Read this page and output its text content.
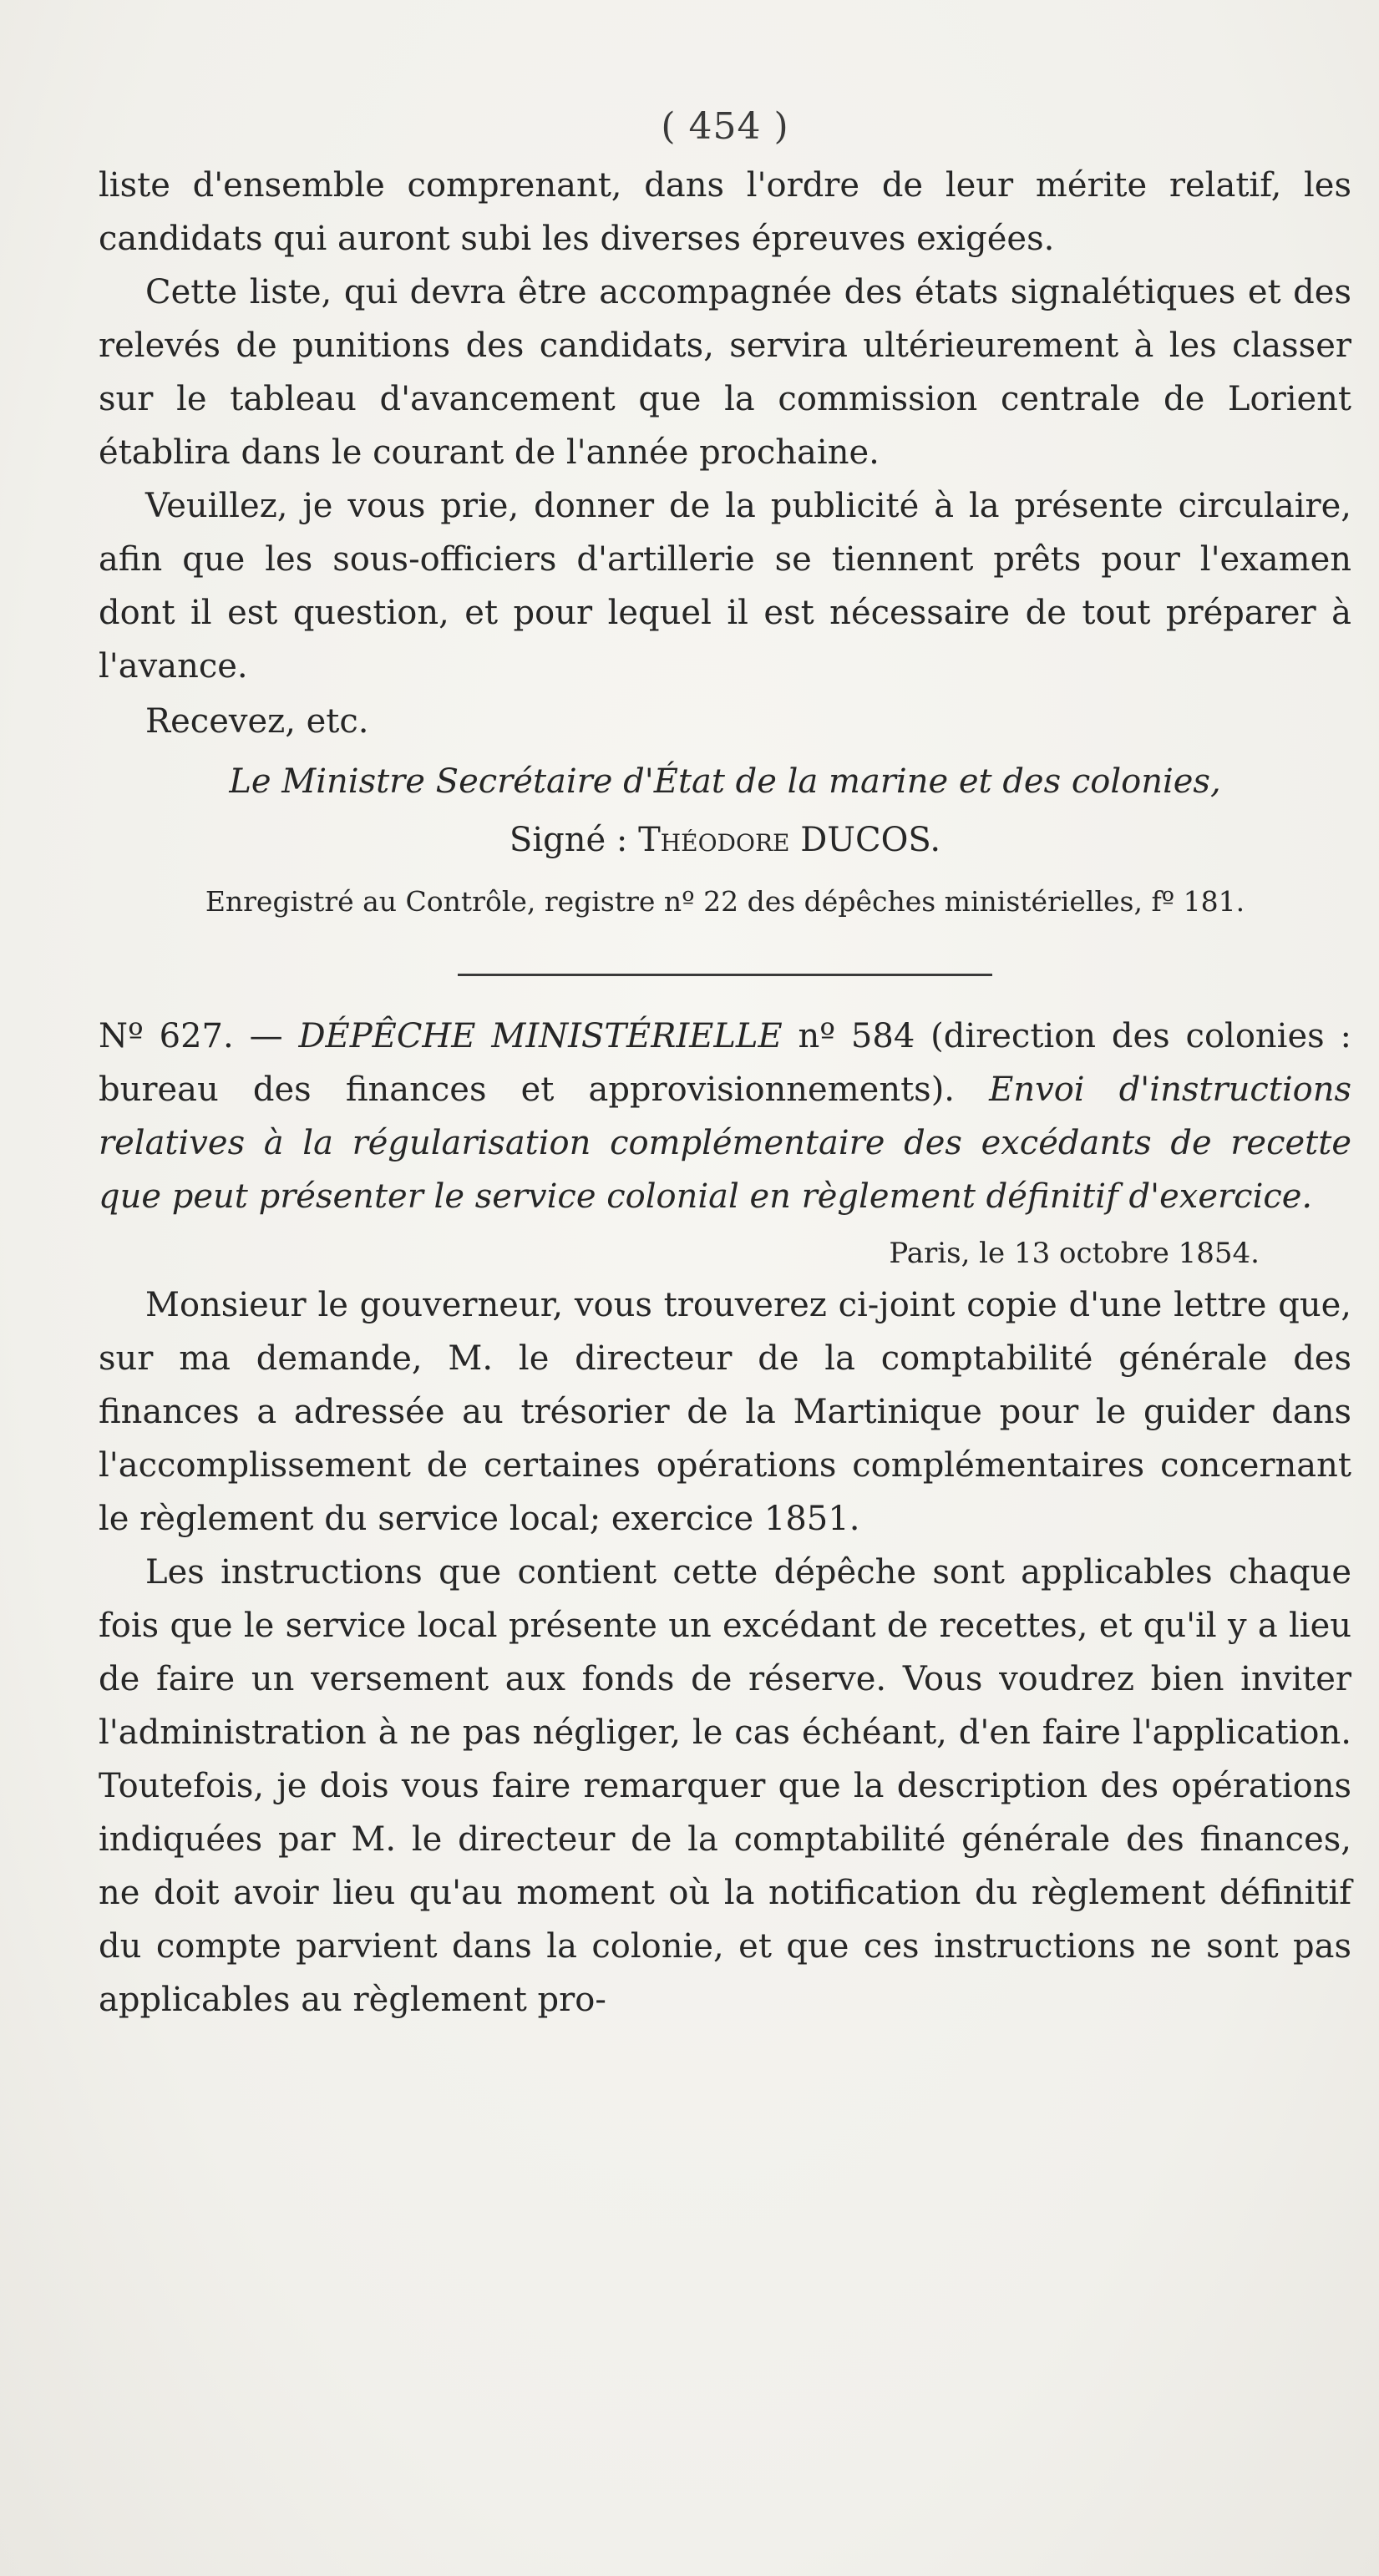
( 454 )

liste d'ensemble comprenant, dans l'ordre de leur mérite relatif, les candidats qui auront subi les diverses épreuves exigées.

Cette liste, qui devra être accompagnée des états signalétiques et des relevés de punitions des candidats, servira ultérieurement à les classer sur le tableau d'avancement que la commission centrale de Lorient établira dans le courant de l'année prochaine.

Veuillez, je vous prie, donner de la publicité à la présente circulaire, afin que les sous-officiers d'artillerie se tiennent prêts pour l'examen dont il est question, et pour lequel il est nécessaire de tout préparer à l'avance.

Recevez, etc.

Le Ministre Secrétaire d'État de la marine et des colonies,

Signé : Théodore DUCOS.

Enregistré au Contrôle, registre nº 22 des dépêches ministérielles, fº 181.

Nº 627. — DÉPÊCHE MINISTÉRIELLE nº 584 (direction des colonies : bureau des finances et approvisionnements). Envoi d'instructions relatives à la régularisation complémentaire des excédants de recette que peut présenter le service colonial en règlement définitif d'exercice.

Paris, le 13 octobre 1854.

Monsieur le gouverneur, vous trouverez ci-joint copie d'une lettre que, sur ma demande, M. le directeur de la comptabilité générale des finances a adressée au trésorier de la Martinique pour le guider dans l'accomplissement de certaines opérations complémentaires concernant le règlement du service local; exercice 1851.

Les instructions que contient cette dépêche sont applicables chaque fois que le service local présente un excédant de recettes, et qu'il y a lieu de faire un versement aux fonds de réserve. Vous voudrez bien inviter l'administration à ne pas négliger, le cas échéant, d'en faire l'application. Toutefois, je dois vous faire remarquer que la description des opérations indiquées par M. le directeur de la comptabilité générale des finances, ne doit avoir lieu qu'au moment où la notification du règlement définitif du compte parvient dans la colonie, et que ces instructions ne sont pas applicables au règlement pro-
